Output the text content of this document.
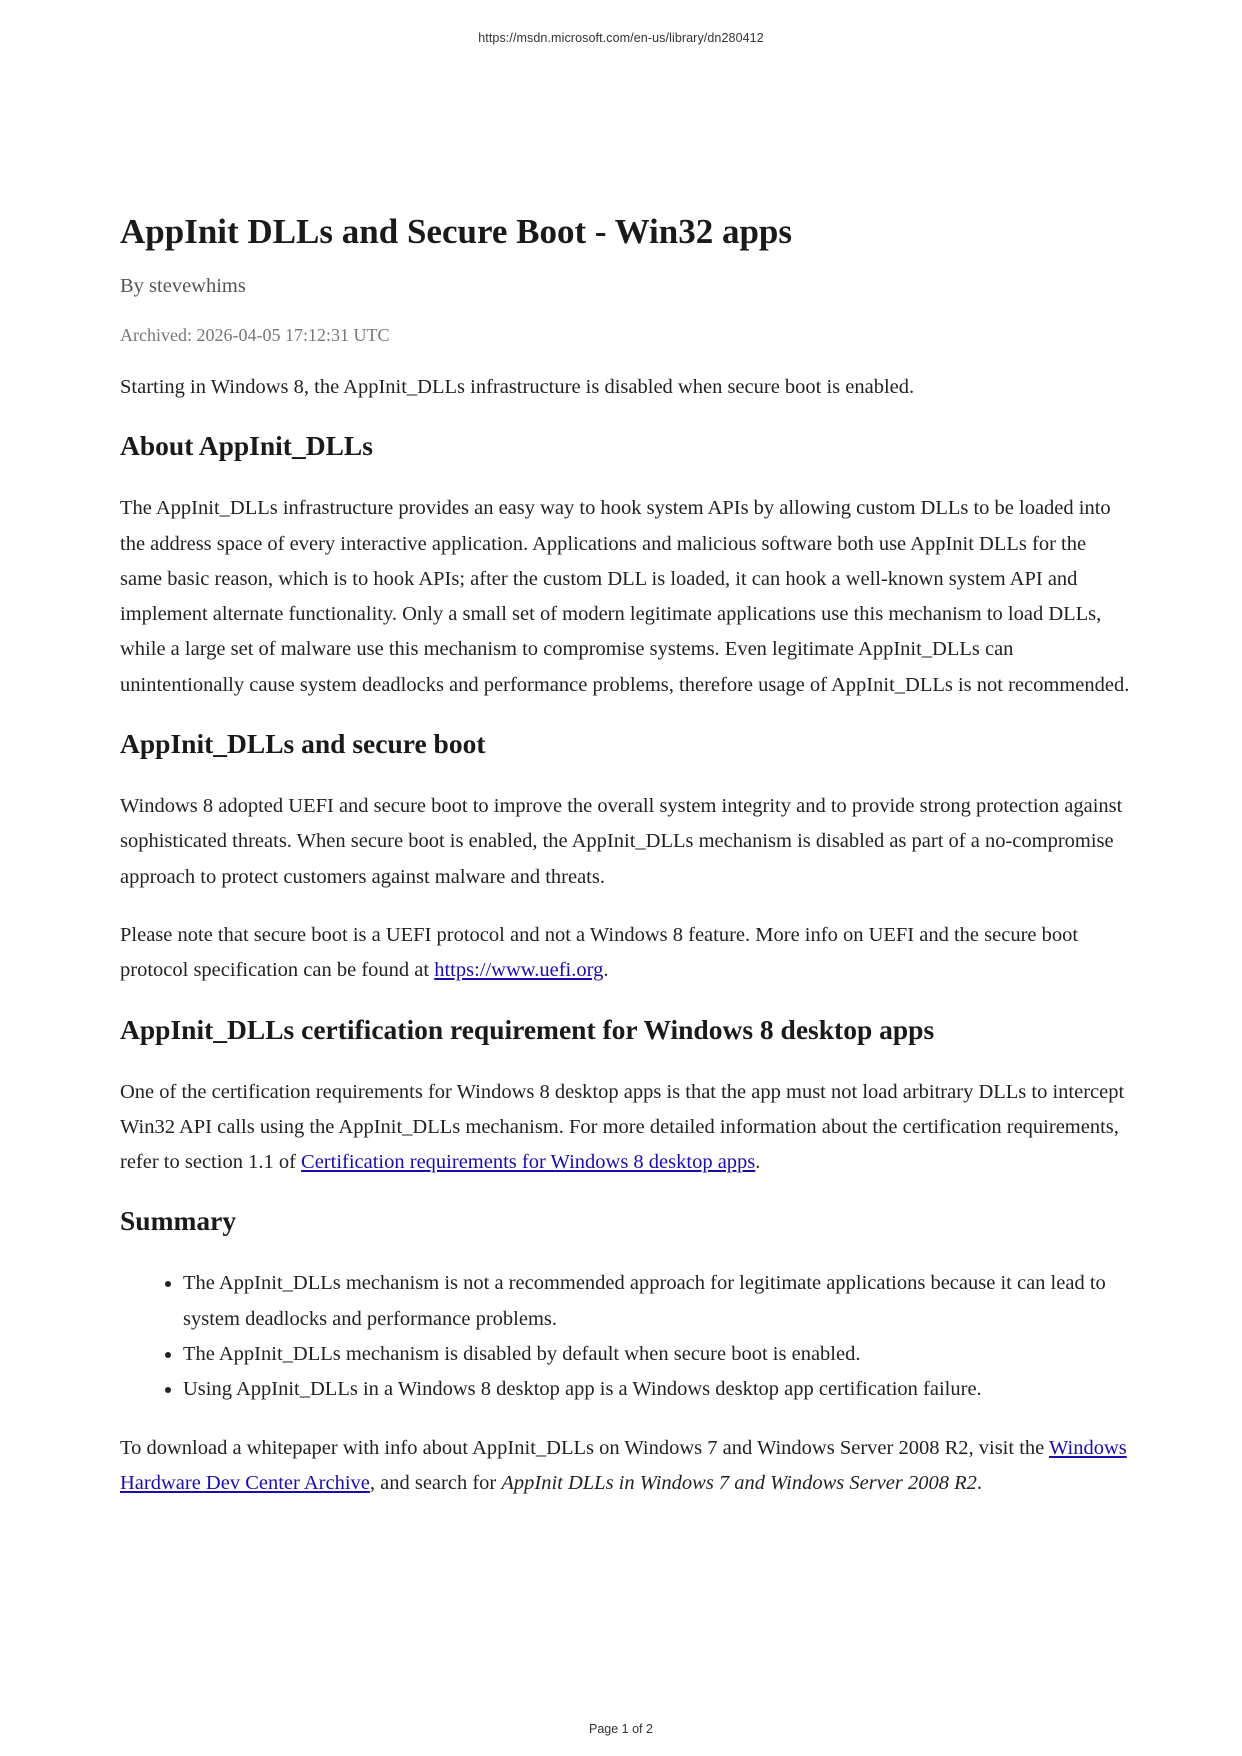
https://msdn.microsoft.com/en-us/library/dn280412
AppInit DLLs and Secure Boot - Win32 apps
By stevewhims
Archived: 2026-04-05 17:12:31 UTC

Starting in Windows 8, the AppInit_DLLs infrastructure is disabled when secure boot is enabled.

About AppInit_DLLs

The AppInit_DLLs infrastructure provides an easy way to hook system APIs by allowing custom DLLs to be loaded into the address space of every interactive application. Applications and malicious software both use AppInit DLLs for the same basic reason, which is to hook APIs; after the custom DLL is loaded, it can hook a well-known system API and implement alternate functionality. Only a small set of modern legitimate applications use this mechanism to load DLLs, while a large set of malware use this mechanism to compromise systems. Even legitimate AppInit_DLLs can unintentionally cause system deadlocks and performance problems, therefore usage of AppInit_DLLs is not recommended.

AppInit_DLLs and secure boot

Windows 8 adopted UEFI and secure boot to improve the overall system integrity and to provide strong protection against sophisticated threats. When secure boot is enabled, the AppInit_DLLs mechanism is disabled as part of a no-compromise approach to protect customers against malware and threats.

Please note that secure boot is a UEFI protocol and not a Windows 8 feature. More info on UEFI and the secure boot protocol specification can be found at https://www.uefi.org.

AppInit_DLLs certification requirement for Windows 8 desktop apps

One of the certification requirements for Windows 8 desktop apps is that the app must not load arbitrary DLLs to intercept Win32 API calls using the AppInit_DLLs mechanism. For more detailed information about the certification requirements, refer to section 1.1 of Certification requirements for Windows 8 desktop apps.

Summary
• The AppInit_DLLs mechanism is not a recommended approach for legitimate applications because it can lead to system deadlocks and performance problems.
• The AppInit_DLLs mechanism is disabled by default when secure boot is enabled.
• Using AppInit_DLLs in a Windows 8 desktop app is a Windows desktop app certification failure.

To download a whitepaper with info about AppInit_DLLs on Windows 7 and Windows Server 2008 R2, visit the Windows Hardware Dev Center Archive, and search for AppInit DLLs in Windows 7 and Windows Server 2008 R2.

Page 1 of 2
